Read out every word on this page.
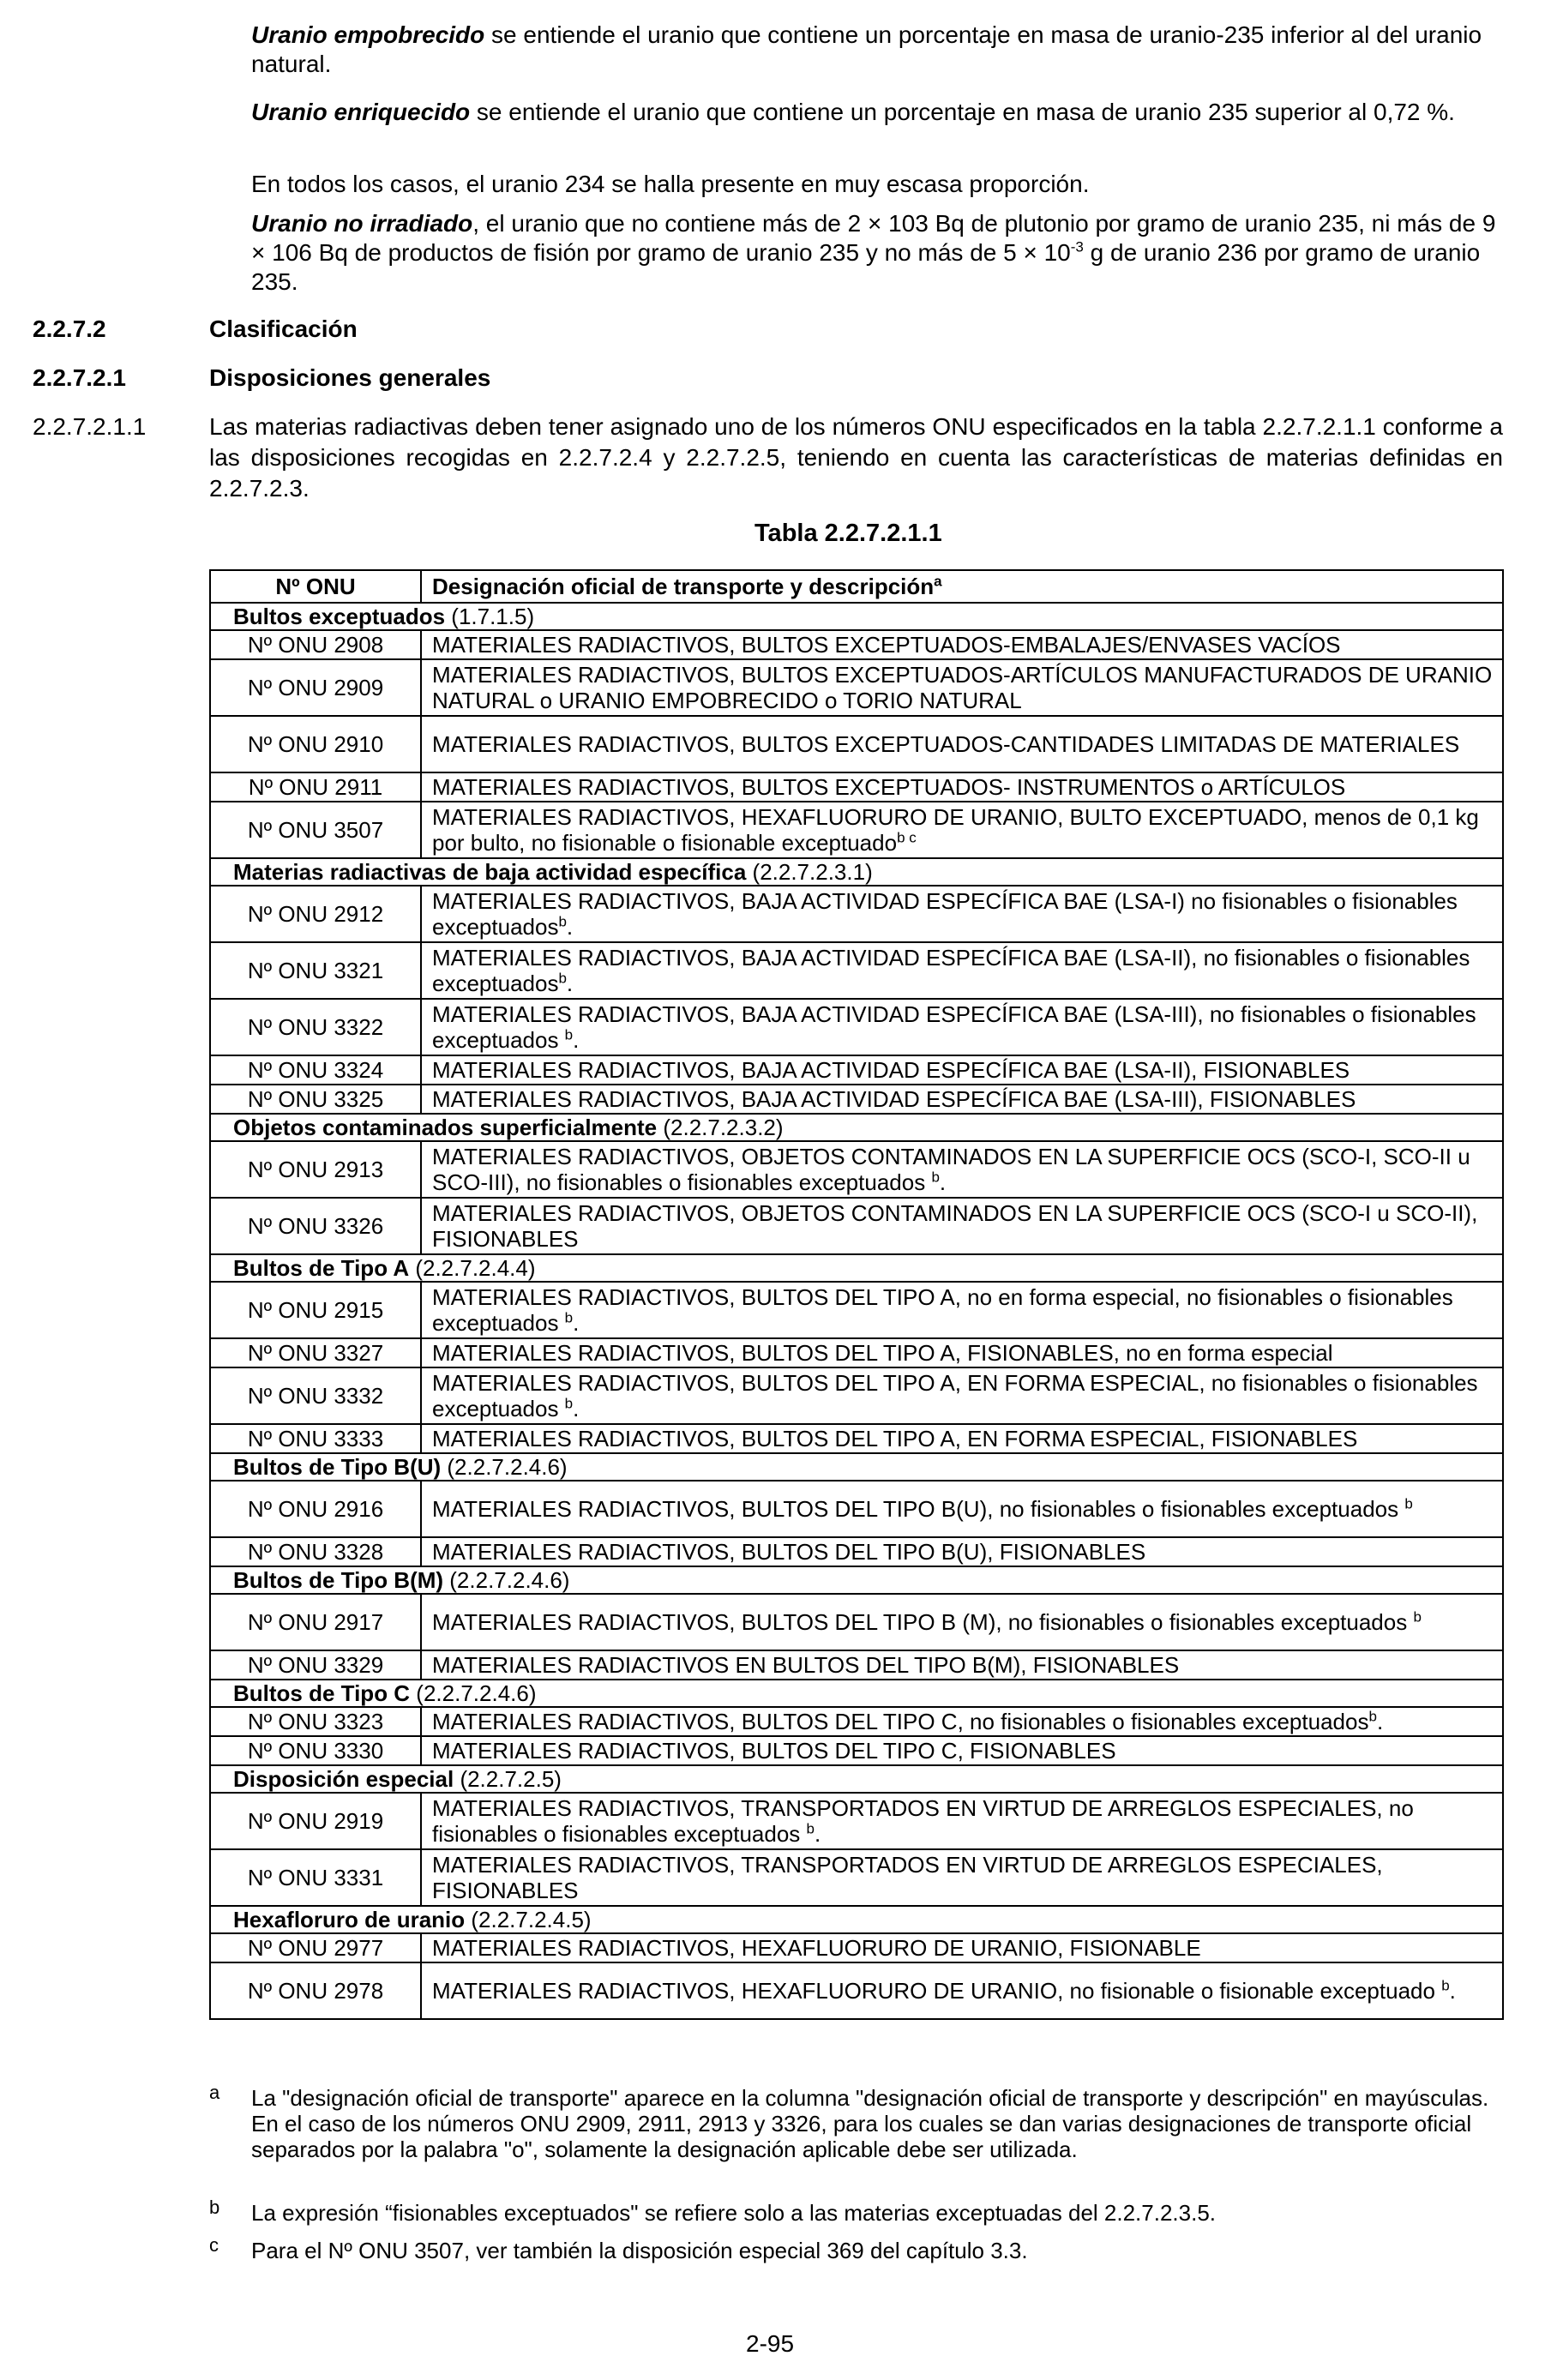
Uranio empobrecido se entiende el uranio que contiene un porcentaje en masa de uranio-235 inferior al del uranio natural.

Uranio enriquecido se entiende el uranio que contiene un porcentaje en masa de uranio 235 superior al 0,72 %.

En todos los casos, el uranio 234 se halla presente en muy escasa proporción.

Uranio no irradiado, el uranio que no contiene más de 2 × 103 Bq de plutonio por gramo de uranio 235, ni más de 9 × 106 Bq de productos de fisión por gramo de uranio 235 y no más de $5 \times 10^{-3}$ g de uranio 236 por gramo de uranio 235.

2.2.7.2	Clasificación
2.2.7.2.1	Disposiciones generales
2.2.7.2.1.1	Las materias radiactivas deben tener asignado uno de los números ONU especificados en la tabla 2.2.7.2.1.1 conforme a las disposiciones recogidas en 2.2.7.2.4 y 2.2.7.2.5, teniendo en cuenta las características de materias definidas en 2.2.7.2.3.

Tabla 2.2.7.2.1.1
Nº ONU	Designación oficial de transporte y descripción$^a$
Bultos exceptuados (1.7.1.5)	
Nº ONU 2908	MATERIALES RADIACTIVOS, BULTOS EXCEPTUADOS-EMBALAJES/ENVASES VACÍOS
Nº ONU 2909	MATERIALES RADIACTIVOS, BULTOS EXCEPTUADOS-ARTÍCULOS MANUFACTURADOS DE URANIO NATURAL o URANIO EMPOBRECIDO o TORIO NATURAL
Nº ONU 2910	MATERIALES RADIACTIVOS, BULTOS EXCEPTUADOS-CANTIDADES LIMITADAS DE MATERIALES
Nº ONU 2911	MATERIALES RADIACTIVOS, BULTOS EXCEPTUADOS- INSTRUMENTOS o ARTÍCULOS
Nº ONU 3507	MATERIALES RADIACTIVOS, HEXAFLUORURO DE URANIO, BULTO EXCEPTUADO, menos de 0,1 kg por bulto, no fisionable o fisionable exceptuado$^{b c}$
Materias radiactivas de baja actividad específica (2.2.7.2.3.1)	
Nº ONU 2912	MATERIALES RADIACTIVOS, BAJA ACTIVIDAD ESPECÍFICA BAE (LSA-I) no fisionables o fisionables exceptuados$^b$.
Nº ONU 3321	MATERIALES RADIACTIVOS, BAJA ACTIVIDAD ESPECÍFICA BAE (LSA-II), no fisionables o fisionables exceptuados$^b$.
Nº ONU 3322	MATERIALES RADIACTIVOS, BAJA ACTIVIDAD ESPECÍFICA BAE (LSA-III), no fisionables o fisionables exceptuados $^b$.
Nº ONU 3324	MATERIALES RADIACTIVOS, BAJA ACTIVIDAD ESPECÍFICA BAE (LSA-II), FISIONABLES
Nº ONU 3325	MATERIALES RADIACTIVOS, BAJA ACTIVIDAD ESPECÍFICA BAE (LSA-III), FISIONABLES
Objetos contaminados superficialmente (2.2.7.2.3.2)	
Nº ONU 2913	MATERIALES RADIACTIVOS, OBJETOS CONTAMINADOS EN LA SUPERFICIE OCS (SCO-I, SCO-II u SCO-III), no fisionables o fisionables exceptuados $^b$.
Nº ONU 3326	MATERIALES RADIACTIVOS, OBJETOS CONTAMINADOS EN LA SUPERFICIE OCS (SCO-I u SCO-II), FISIONABLES
Bultos de Tipo A (2.2.7.2.4.4)	
Nº ONU 2915	MATERIALES RADIACTIVOS, BULTOS DEL TIPO A, no en forma especial, no fisionables o fisionables exceptuados $^b$.
Nº ONU 3327	MATERIALES RADIACTIVOS, BULTOS DEL TIPO A, FISIONABLES, no en forma especial
Nº ONU 3332	MATERIALES RADIACTIVOS, BULTOS DEL TIPO A, EN FORMA ESPECIAL, no fisionables o fisionables exceptuados $^b$.
Nº ONU 3333	MATERIALES RADIACTIVOS, BULTOS DEL TIPO A, EN FORMA ESPECIAL, FISIONABLES
Bultos de Tipo B(U) (2.2.7.2.4.6)	
Nº ONU 2916	MATERIALES RADIACTIVOS, BULTOS DEL TIPO B(U), no fisionables o fisionables exceptuados $^b$
Nº ONU 3328	MATERIALES RADIACTIVOS, BULTOS DEL TIPO B(U), FISIONABLES
Bultos de Tipo B(M) (2.2.7.2.4.6)	
Nº ONU 2917	MATERIALES RADIACTIVOS, BULTOS DEL TIPO B (M), no fisionables o fisionables exceptuados $^b$
Nº ONU 3329	MATERIALES RADIACTIVOS EN BULTOS DEL TIPO B(M), FISIONABLES
Bultos de Tipo C (2.2.7.2.4.6)	
Nº ONU 3323	MATERIALES RADIACTIVOS, BULTOS DEL TIPO C, no fisionables o fisionables exceptuados$^b$.
Nº ONU 3330	MATERIALES RADIACTIVOS, BULTOS DEL TIPO C, FISIONABLES
Disposición especial (2.2.7.2.5)	
Nº ONU 2919	MATERIALES RADIACTIVOS, TRANSPORTADOS EN VIRTUD DE ARREGLOS ESPECIALES, no fisionables o fisionables exceptuados $^b$.
Nº ONU 3331	MATERIALES RADIACTIVOS, TRANSPORTADOS EN VIRTUD DE ARREGLOS ESPECIALES, FISIONABLES
Hexafloruro de uranio (2.2.7.2.4.5)	
Nº ONU 2977	MATERIALES RADIACTIVOS, HEXAFLUORURO DE URANIO, FISIONABLE
Nº ONU 2978	MATERIALES RADIACTIVOS, HEXAFLUORURO DE URANIO, no fisionable o fisionable exceptuado $^b$.
a La "designación oficial de transporte" aparece en la columna "designación oficial de transporte y descripción" en mayúsculas. En el caso de los números ONU 2909, 2911, 2913 y 3326, para los cuales se dan varias designaciones de transporte oficial separados por la palabra "o", solamente la designación aplicable debe ser utilizada.

b La expresión “fisionables exceptuados" se refiere solo a las materias exceptuadas del 2.2.7.2.3.5.

c Para el Nº ONU 3507, ver también la disposición especial 369 del capítulo 3.3.

2-95
